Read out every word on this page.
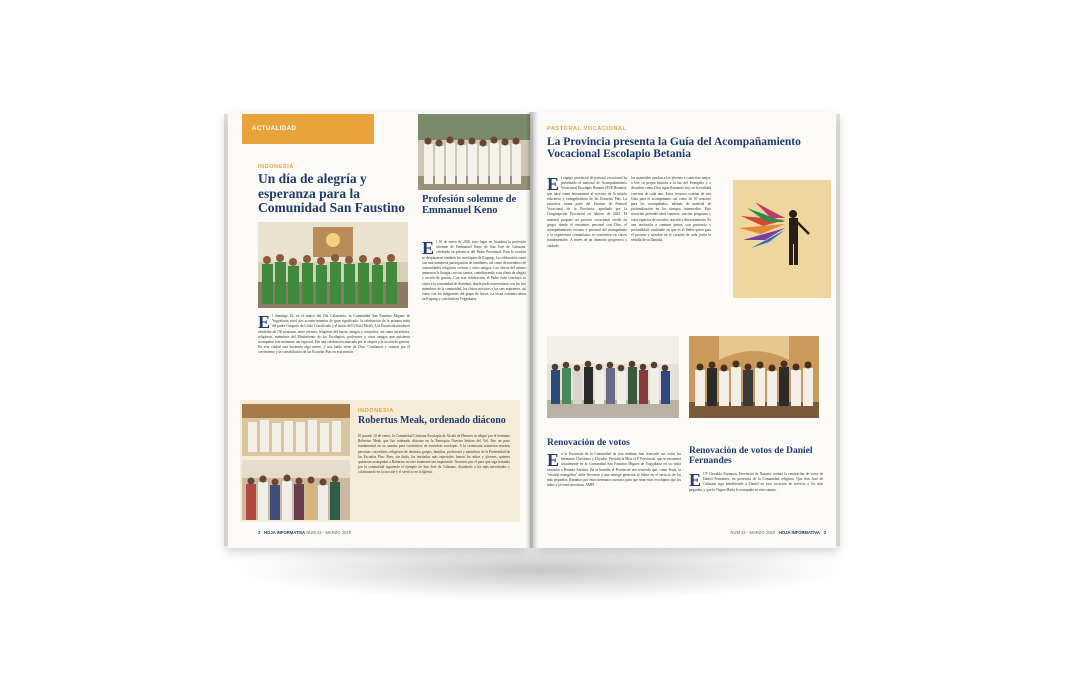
ACTUALIDAD
INDONESIA
Un día de alegría y esperanza para la Comunidad San Faustino
El domingo 25, en el marco del Día Calasancio, la Comunidad San Faustino Miguez de Yogyakarta vivió dos acontecimientos de gran significado: la celebración de la primera misa del padre Gregorio de Cristo Crucificado y el inicio del G-Kal (Moid). A la Eucaristía asistieron alrededor de 150 personas, entre jóvenes, feligreses del barrio, amigos y conocidos, así como sacerdotes, religiosos, miembros del Movimiento de los Escolapios, profesores y otros amigos que quisieron acompañar este momento tan especial. Fue una celebración marcada por la alegría y la acción de gracias. En esta ciudad está haciendo algo nuevo, y nos habla viene de Dios. Confiamos y oramos por el crecimiento y la consolidación de las Escuelas Pías en esta misión.
Profesión solemne de Emmanuel Keno
El 16 de enero de 2026 tuvo lugar en Atambua la profesión solemne de Emmanuel Keno de San José de Calasanz, celebrada en presencia del Padre Provincial. Para la ocasión se desplazaron también los escolapios de Kupang. La celebración contó con una numerosa participación de familiares, así como de miembros de comunidades religiosas vecinas y otros amigos. Los chicos del mismo animaron la liturgia con sus cantos, contribuyendo a un clima de alegría y acción de gracias. Con esta celebración, el Padre Iván concluyó su visita a la comunidad de Atambua, donde pudo entrevistarse con los tres miembros de la comunidad, los chicos novicios y los seis aspirantes, así como con los integrantes del grupo de laicos. La visita continúa ahora en Kupang y concluirá en Yogyakarta.
INDONESIA
Robertus Meak, ordenado diácono
El pasado 10 de enero, la Comunidad Cristiana Escolapia de Alcalá de Henares se alegró por el hermano Robertus Meak que fue ordenado diácono en la Parroquia Nuestra Señora del Val. Fue un paso fundamental en su camino para convertirse en sacerdote escolapio. A la ceremonia asistieron muchas personas: sacerdotes, religiosos de distintos grupos, familias, profesores y miembros de la Fraternidad de las Escuelas Pías. Pero, sin duda, los invitados más especiales fueron los niños y jóvenes, quienes quisieron acompañar a Robertus en este momento tan importante. Nosotros por el para que siga tratando por la comunidad siguiendo el ejemplo de San José de Calasanz. Ayudando a los más necesitados y colaborando en la oración y el servicio en la Iglesia.
2 · HOJA INFORMATIVA NUM 32 · MARZO 2026
PASTORAL VOCACIONAL
La Provincia presenta la Guía del Acompañamiento Vocacional Escolapio Betania
El equipo provincial de pastoral vocacional ha presentado el material de Acompañamiento Vocacional Escolapio Betania (AVE Betania), que nace como herramienta al servicio de la misión educativa y evangelizadora de las Escuelas Pías. La iniciativa forma parte del Estatuto de Pastoral Vocacional de la Provincia, aprobado por la Congregación Provincial en febrero de 2025. El material propone un proceso vocacional vivido en grupo, donde el encuentro personal con Dios, el acompañamiento cercano y personal del acompañante y la experiencia comunitaria, se convierten en claves fundamentales. A través de un itinerario progresivo y cuidado,
los materiales ayudan a los jóvenes a conocerse mejor, a leer su propia historia a la luz del Evangelio y a descubrir cómo Dios sigue llamando hoy, en la realidad concreta de cada uno. Estos recursos constan de una Guía para el acompañante, así como de 10 sesiones para los acompañados, además de material de profundización en los tiempos intermedios. Este recorrido pretende abrir caminos, suscitar preguntas y crear espacios de escucha, oración y discernimiento. Es una invitación a caminar juntos, con paciencia y profundidad, confiando en que es el Señor quien guía el proceso y siembra en el corazón de cada joven la semilla de su llamada.
Renovación de votos
En la Eucaristía de la Comunidad de esta mañana, han renovado sus votos los hermanos Christiano y Eliyudin. Presidió la Misa el P. Provincial, que se encuentra actualmente en la Comunidad San Faustino Miguez de Yogyakarta en su visita canónica a Betania Asiática. En la homilía el Provincial nos recuerda que, como Jesús, la "escuela evangélica" debe llevarnos a una entrega generosa al Señor en el servicio de los más pequeños. Rezamos por estos hermanos nuestros para que sean estos escolapios que los niños y jóvenes necesitan. AMPI
Renovación de votos de Daniel Fernandes
El P. Oswaldo Espinoza, Provincial de Nazaret, recibió la renovación de votos de Daniel Fernandes, en presencia de la Comunidad religiosa. Que San José de Calasanz siga bendiciendo a Daniel en esta vocación de servicio a los más pequeños y que la Virgen María le acompañe en este camino.
NUM 32 · MARZO 2026 · HOJA INFORMATIVA · 3
